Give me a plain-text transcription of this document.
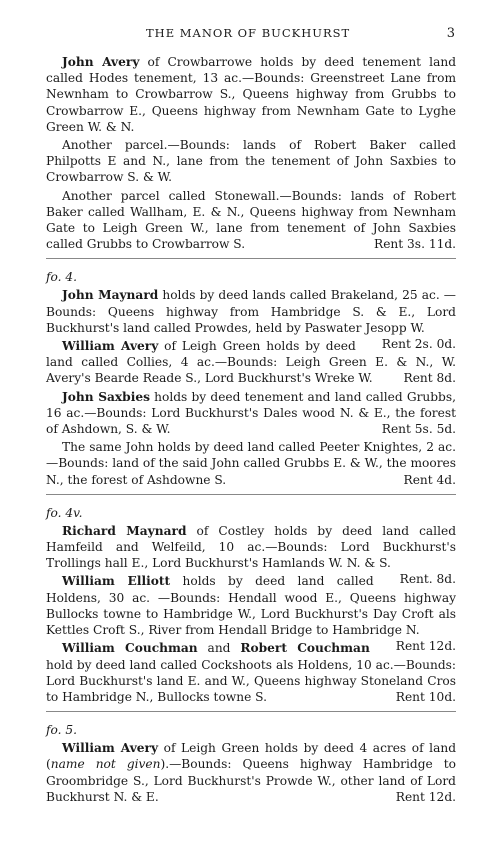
THE MANOR OF BUCKHURST	3

John Avery of Crowbarrowe holds by deed tenement land called Hodes tenement, 13 ac.—Bounds: Greenstreet Lane from Newnham to Crowbarrow S., Queens highway from Grubbs to Crowbarrow E., Queens highway from Newnham Gate to Lyghe Green W. & N.

Another parcel.—Bounds: lands of Robert Baker called Philpotts E and N., lane from the tenement of John Saxbies to Crowbarrow S. & W.

Another parcel called Stonewall.—Bounds: lands of Robert Baker called Wallham, E. & N., Queens highway from Newnham Gate to Leigh Green W., lane from tenement of John Saxbies called Grubbs to Crowbarrow S.	Rent 3s. 11d.

fo. 4.

John Maynard holds by deed lands called Brakeland, 25 ac. —Bounds: Queens highway from Hambridge S. & E., Lord Buckhurst's land called Prowdes, held by Paswater Jesopp W.
Rent 2s. 0d.

William Avery of Leigh Green holds by deed land called Collies, 4 ac.—Bounds: Leigh Green E. & N., W. Avery's Bearde Reade S., Lord Buckhurst's Wreke W.	Rent 8d.

John Saxbies holds by deed tenement and land called Grubbs, 16 ac.—Bounds: Lord Buckhurst's Dales wood N. & E., the forest of Ashdown, S. & W.	Rent 5s. 5d.

The same John holds by deed land called Peeter Knightes, 2 ac. —Bounds: land of the said John called Grubbs E. & W., the moores N., the forest of Ashdowne S.	Rent 4d.

fo. 4v.

Richard Maynard of Costley holds by deed land called Hamfeild and Welfeild, 10 ac.—Bounds: Lord Buckhurst's Trollings hall E., Lord Buckhurst's Hamlands W. N. & S.
Rent. 8d.

William Elliott holds by deed land called Holdens, 30 ac. —Bounds: Hendall wood E., Queens highway Bullocks towne to Hambridge W., Lord Buckhurst's Day Croft als Kettles Croft S., River from Hendall Bridge to Hambridge N.
Rent 12d.

William Couchman and Robert Couchman hold by deed land called Cockshoots als Holdens, 10 ac.—Bounds: Lord Buckhurst's land E. and W., Queens highway Stoneland Cros to Hambridge N., Bullocks towne S.	Rent 10d.

fo. 5.

William Avery of Leigh Green holds by deed 4 acres of land (name not given).—Bounds: Queens highway Hambridge to Groombridge S., Lord Buckhurst's Prowde W., other land of Lord Buckhurst N. & E.	Rent 12d.
